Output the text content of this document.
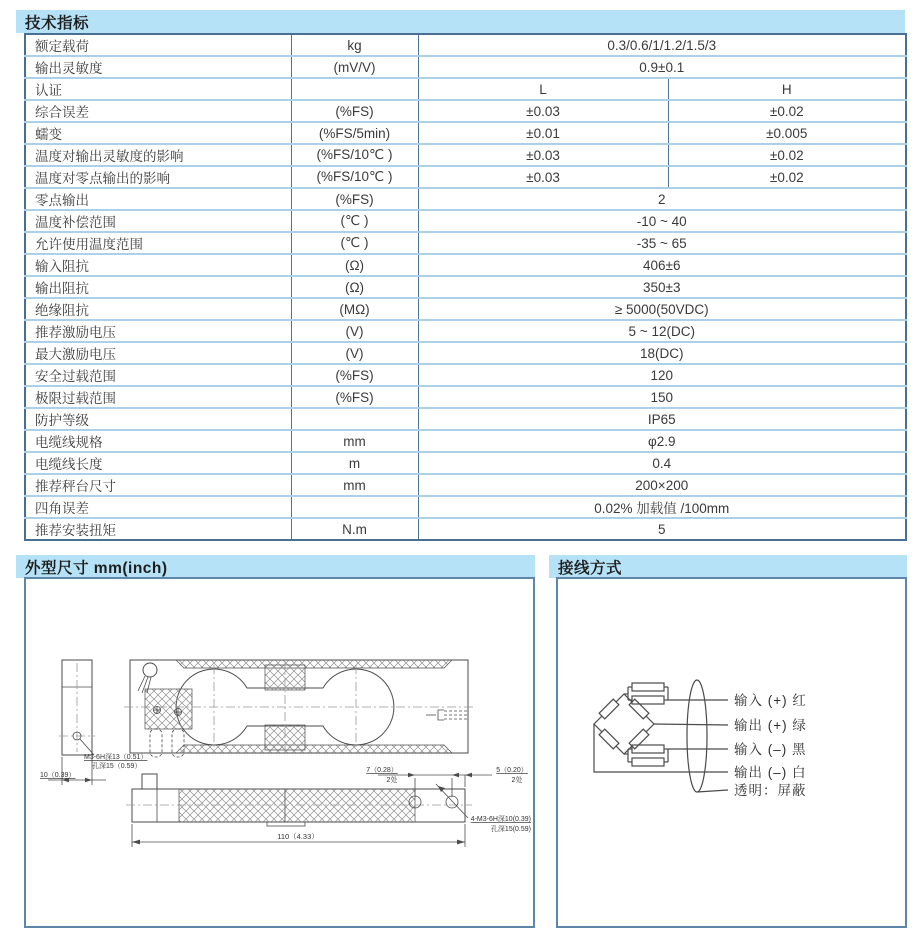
技术指标
额定载荷	kg	0.3/0.6/1/1.2/1.5/3	
输出灵敏度	(mV/V)	0.9±0.1	
认证		L	H
综合误差	(%FS)	±0.03	±0.02
蠕变	(%FS/5min)	±0.01	±0.005
温度对输出灵敏度的影响	(%FS/10℃ )	±0.03	±0.02
温度对零点输出的影响	(%FS/10℃ )	±0.03	±0.02
零点输出	(%FS)	2	
温度补偿范围	(℃ )	-10 ~ 40	
允许使用温度范围	(℃ )	-35 ~ 65	
输入阻抗	(Ω)	406±6	
输出阻抗	(Ω)	350±3	
绝缘阻抗	(MΩ)	≥ 5000(50VDC)	
推荐激励电压	(V)	5 ~ 12(DC)	
最大激励电压	(V)	18(DC)	
安全过载范围	(%FS)	120	
极限过载范围	(%FS)	150	
防护等级		IP65	
电缆线规格	mm	φ2.9	
电缆线长度	m	0.4	
推荐秤台尺寸	mm	200×200	
四角误差		0.02% 加载值 /100mm	
推荐安装扭矩	N.m	5	
外型尺寸 mm(inch)
10（0.39）
M3-6H深13（0.51）
孔深15（0.59）
7（0.28）
2处
5（0.20）
2处
4-M3-6H深10(0.39)
孔深15(0.59)
110（4.33）
接线方式
输入 (+) 红
输出 (+) 绿
输入 (–) 黑
输出 (–) 白
透明：屏蔽
